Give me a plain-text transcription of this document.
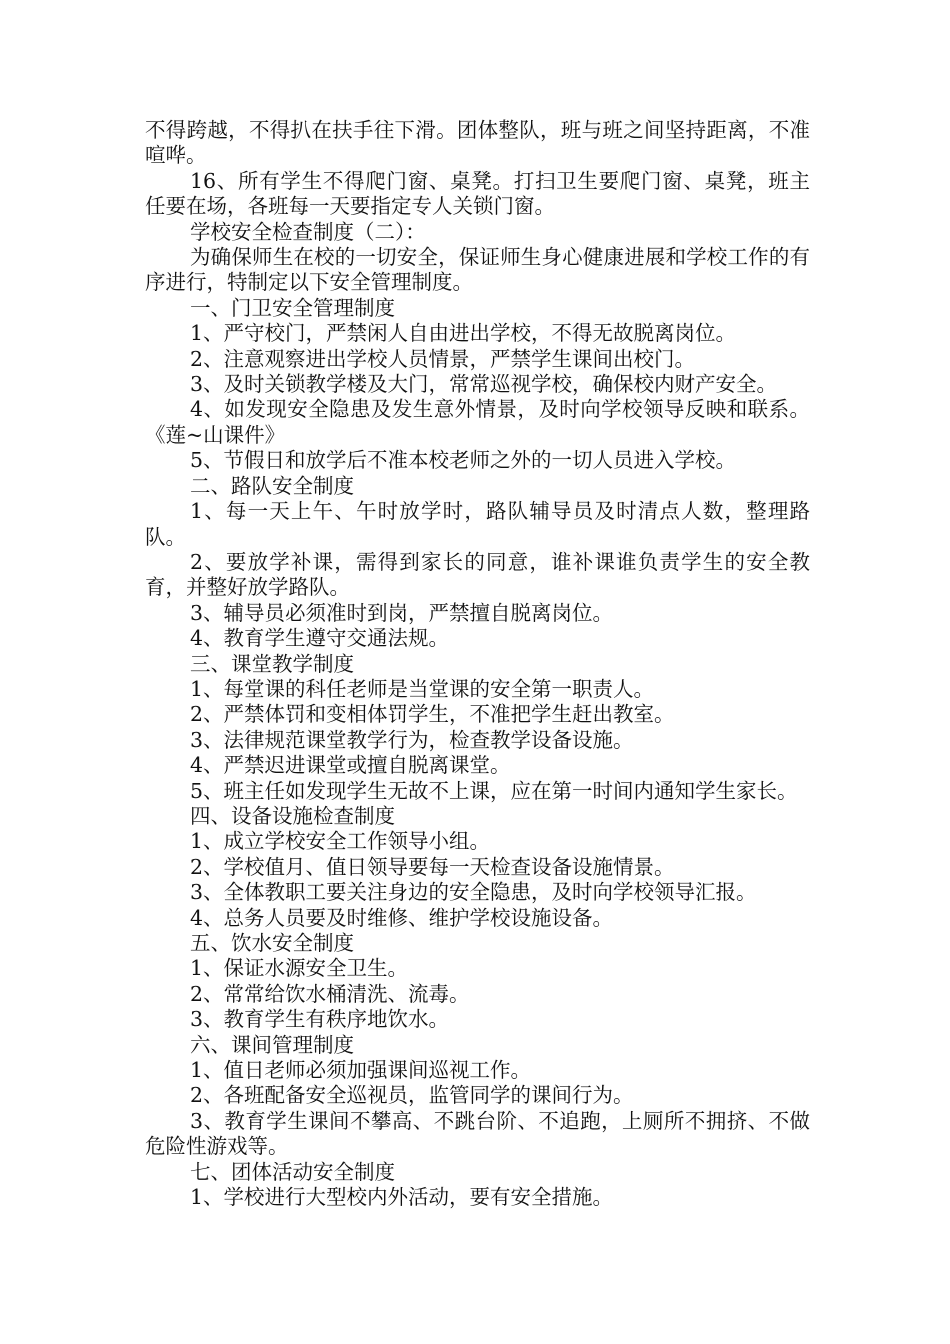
不得跨越，不得扒在扶手往下滑。团体整队，班与班之间坚持距离，不准喧哗。

16、所有学生不得爬门窗、桌凳。打扫卫生要爬门窗、桌凳，班主任要在场，各班每一天要指定专人关锁门窗。

学校安全检查制度（二）：

为确保师生在校的一切安全，保证师生身心健康进展和学校工作的有序进行，特制定以下安全管理制度。

一、门卫安全管理制度

1、严守校门，严禁闲人自由进出学校，不得无故脱离岗位。

2、注意观察进出学校人员情景，严禁学生课间出校门。

3、及时关锁教学楼及大门，常常巡视学校，确保校内财产安全。

4、如发现安全隐患及发生意外情景，及时向学校领导反映和联系。《莲~山课件》

5、节假日和放学后不准本校老师之外的一切人员进入学校。

二、路队安全制度

1、每一天上午、午时放学时，路队辅导员及时清点人数，整理路队。

2、要放学补课，需得到家长的同意，谁补课谁负责学生的安全教育，并整好放学路队。

3、辅导员必须准时到岗，严禁擅自脱离岗位。

4、教育学生遵守交通法规。

三、课堂教学制度

1、每堂课的科任老师是当堂课的安全第一职责人。

2、严禁体罚和变相体罚学生，不准把学生赶出教室。

3、法律规范课堂教学行为，检查教学设备设施。

4、严禁迟进课堂或擅自脱离课堂。

5、班主任如发现学生无故不上课，应在第一时间内通知学生家长。

四、设备设施检查制度

1、成立学校安全工作领导小组。

2、学校值月、值日领导要每一天检查设备设施情景。

3、全体教职工要关注身边的安全隐患，及时向学校领导汇报。

4、总务人员要及时维修、维护学校设施设备。

五、饮水安全制度

1、保证水源安全卫生。

2、常常给饮水桶清洗、流毒。

3、教育学生有秩序地饮水。

六、课间管理制度

1、值日老师必须加强课间巡视工作。

2、各班配备安全巡视员，监管同学的课间行为。

3、教育学生课间不攀高、不跳台阶、不追跑，上厕所不拥挤、不做危险性游戏等。

七、团体活动安全制度

1、学校进行大型校内外活动，要有安全措施。
